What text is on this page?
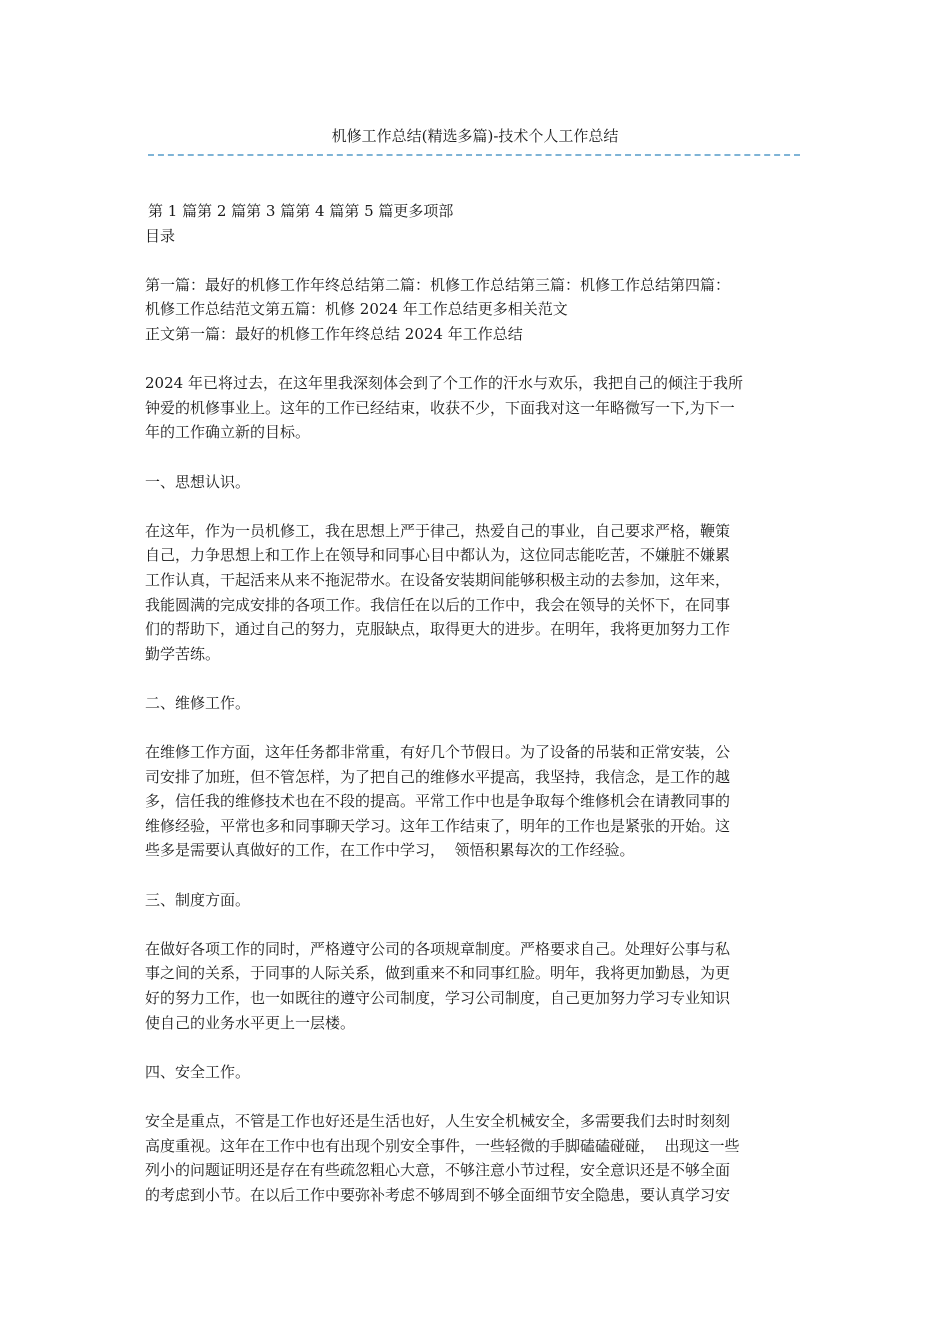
机修工作总结(精选多篇)-技术个人工作总结

第 1 篇第 2 篇第 3 篇第 4 篇第 5 篇更多项部

目录

第一篇：最好的机修工作年终总结第二篇：机修工作总结第三篇：机修工作总结第四篇：

机修工作总结范文第五篇：机修 2024 年工作总结更多相关范文

正文第一篇：最好的机修工作年终总结 2024 年工作总结

2024 年已将过去，在这年里我深刻体会到了个工作的汗水与欢乐，我把自己的倾注于我所

钟爱的机修事业上。这年的工作已经结束，收获不少，下面我对这一年略微写一下,为下一

年的工作确立新的目标。

一、思想认识。

在这年，作为一员机修工，我在思想上严于律己，热爱自己的事业，自己要求严格，鞭策

自己，力争思想上和工作上在领导和同事心目中都认为，这位同志能吃苦，不嫌脏不嫌累

工作认真，干起活来从来不拖泥带水。在设备安装期间能够积极主动的去参加，这年来，

我能圆满的完成安排的各项工作。我信任在以后的工作中，我会在领导的关怀下，在同事

们的帮助下，通过自己的努力，克服缺点，取得更大的进步。在明年，我将更加努力工作

勤学苦练。

二、维修工作。

在维修工作方面，这年任务都非常重，有好几个节假日。为了设备的吊装和正常安装，公

司安排了加班，但不管怎样，为了把自己的维修水平提高，我坚持，我信念，是工作的越

多，信任我的维修技术也在不段的提高。平常工作中也是争取每个维修机会在请教同事的

维修经验，平常也多和同事聊天学习。这年工作结束了，明年的工作也是紧张的开始。这

些多是需要认真做好的工作，在工作中学习，  领悟积累每次的工作经验。

三、制度方面。

在做好各项工作的同时，严格遵守公司的各项规章制度。严格要求自己。处理好公事与私

事之间的关系，于同事的人际关系，做到重来不和同事红脸。明年，我将更加勤恳，为更

好的努力工作，也一如既往的遵守公司制度，学习公司制度，自己更加努力学习专业知识

使自己的业务水平更上一层楼。

四、安全工作。

安全是重点，不管是工作也好还是生活也好，人生安全机械安全，多需要我们去时时刻刻

高度重视。这年在工作中也有出现个别安全事件，一些轻微的手脚磕磕碰碰，  出现这一些

列小的问题证明还是存在有些疏忽粗心大意，不够注意小节过程，安全意识还是不够全面

的考虑到小节。在以后工作中要弥补考虑不够周到不够全面细节安全隐患，要认真学习安
